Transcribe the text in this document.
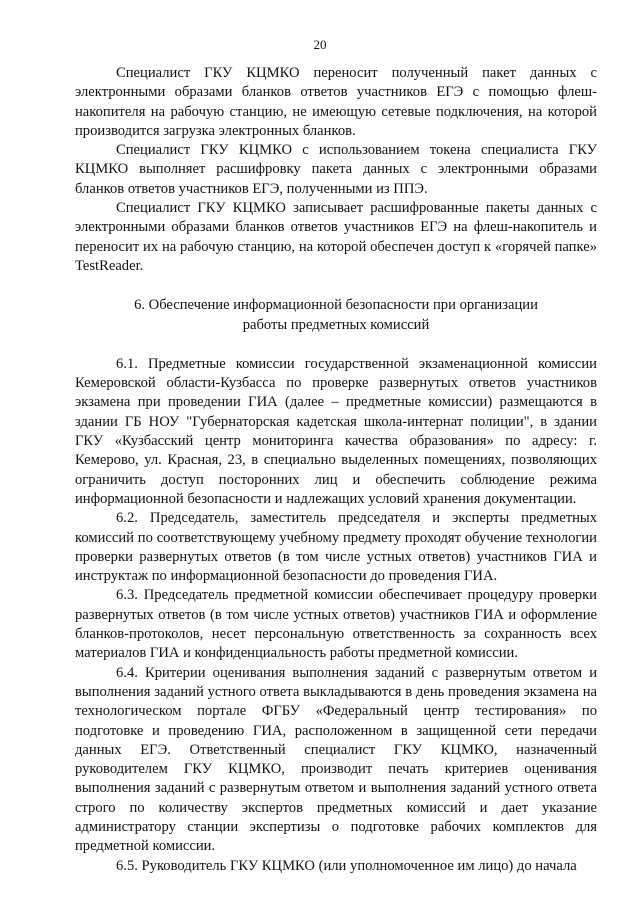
20

Специалист ГКУ КЦМКО переносит полученный пакет данных с электронными образами бланков ответов участников ЕГЭ с помощью флеш-накопителя на рабочую станцию, не имеющую сетевые подключения, на которой производится загрузка электронных бланков.

Специалист ГКУ КЦМКО с использованием токена специалиста ГКУ КЦМКО выполняет расшифровку пакета данных с электронными образами бланков ответов участников ЕГЭ, полученными из ППЭ.

Специалист ГКУ КЦМКО записывает расшифрованные пакеты данных с электронными образами бланков ответов участников ЕГЭ на флеш-накопитель и переносит их на рабочую станцию, на которой обеспечен доступ к «горячей папке» TestReader.

6. Обеспечение информационной безопасности при организации
работы предметных комиссий

6.1. Предметные комиссии государственной экзаменационной комиссии Кемеровской области-Кузбасса по проверке развернутых ответов участников экзамена при проведении ГИА (далее – предметные комиссии) размещаются в здании ГБ НОУ "Губернаторская кадетская школа-интернат полиции", в здании ГКУ «Кузбасский центр мониторинга качества образования» по адресу: г. Кемерово, ул. Красная, 23, в специально выделенных помещениях, позволяющих ограничить доступ посторонних лиц и обеспечить соблюдение режима информационной безопасности и надлежащих условий хранения документации.

6.2. Председатель, заместитель председателя и эксперты предметных комиссий по соответствующему учебному предмету проходят обучение технологии проверки развернутых ответов (в том числе устных ответов) участников ГИА и инструктаж по информационной безопасности до проведения ГИА.

6.3. Председатель предметной комиссии обеспечивает процедуру проверки развернутых ответов (в том числе устных ответов) участников ГИА и оформление бланков-протоколов, несет персональную ответственность за сохранность всех материалов ГИА и конфиденциальность работы предметной комиссии.

6.4. Критерии оценивания выполнения заданий с развернутым ответом и выполнения заданий устного ответа выкладываются в день проведения экзамена на технологическом портале ФГБУ «Федеральный центр тестирования» по подготовке и проведению ГИА, расположенном в защищенной сети передачи данных ЕГЭ. Ответственный специалист ГКУ КЦМКО, назначенный руководителем ГКУ КЦМКО, производит печать критериев оценивания выполнения заданий с развернутым ответом и выполнения заданий устного ответа строго по количеству экспертов предметных комиссий и дает указание администратору станции экспертизы о подготовке рабочих комплектов для предметной комиссии.

6.5. Руководитель ГКУ КЦМКО (или уполномоченное им лицо) до начала
